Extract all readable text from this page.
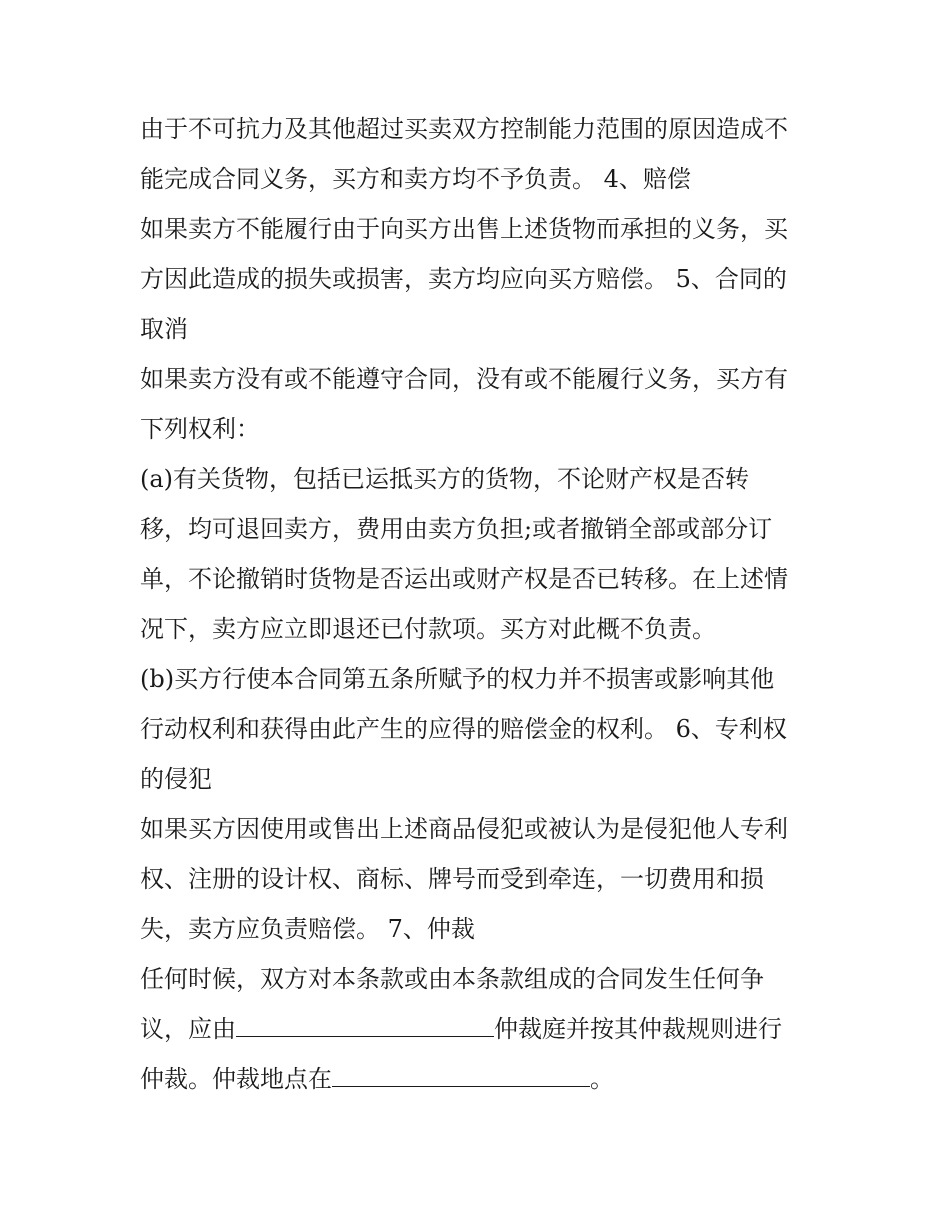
由于不可抗力及其他超过买卖双方控制能力范围的原因造成不
能完成合同义务，买方和卖方均不予负责。 4、赔偿
如果卖方不能履行由于向买方出售上述货物而承担的义务，买
方因此造成的损失或损害，卖方均应向买方赔偿。 5、合同的
取消
如果卖方没有或不能遵守合同，没有或不能履行义务，买方有
下列权利：
(a)有关货物，包括已运抵买方的货物，不论财产权是否转
移，均可退回卖方，费用由卖方负担;或者撤销全部或部分订
单，不论撤销时货物是否运出或财产权是否已转移。在上述情
况下，卖方应立即退还已付款项。买方对此概不负责。
(b)买方行使本合同第五条所赋予的权力并不损害或影响其他
行动权利和获得由此产生的应得的赔偿金的权利。 6、专利权
的侵犯
如果买方因使用或售出上述商品侵犯或被认为是侵犯他人专利
权、注册的设计权、商标、牌号而受到牵连，一切费用和损
失，卖方应负责赔偿。 7、仲裁
任何时候，双方对本条款或由本条款组成的合同发生任何争
议，应由	仲裁庭并按其仲裁规则进行
仲裁。仲裁地点在	。
